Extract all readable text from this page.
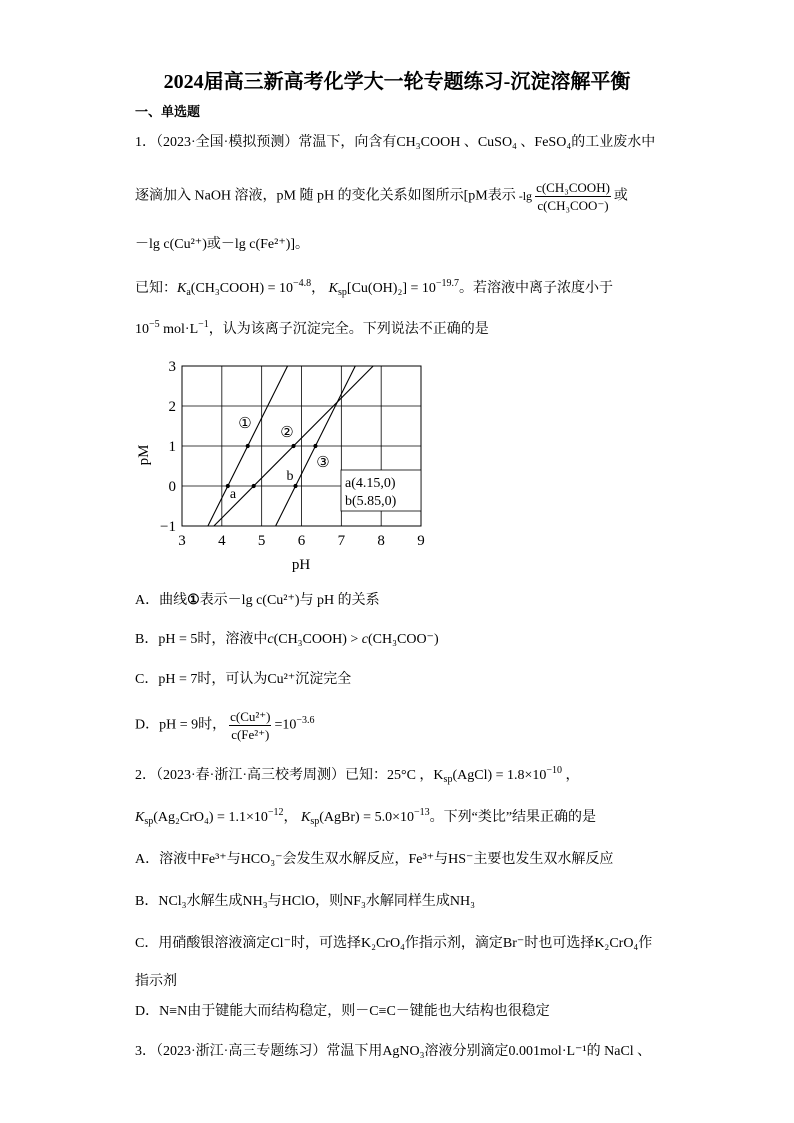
2024届高三新高考化学大一轮专题练习-沉淀溶解平衡
一、单选题
1．（2023·全国·模拟预测）常温下，向含有CH₃COOH 、CuSO₄ 、FeSO₄的工业废水中
逐滴加入 NaOH 溶液，pM 随 pH 的变化关系如图所示[pM表示 $-\lg \frac{\text{c(CH₃COOH)}}{\text{c(CH₃COO⁻)}}$ 或
－lg c(Cu²⁺)或－lg c(Fe²⁺)]。
已知：$K_a(CH_3COOH) = 10^{-4.8}$， $K_{sp}[Cu(OH)_2] = 10^{-19.7}$。若溶液中离子浓度小于
$10^{-5}$ $mol\cdot L^{-1}$，认为该离子沉淀完全。下列说法不正确的是
a(4.15,0)
b(5.85,0)
①
②
③
a
b
3 4 5 6 7 8 9
3
2
1
0
−1
pH
pM
A．曲线①表示－lg c(Cu²⁺)与 pH 的关系
B．pH = 5时，溶液中c(CH₃COOH) > c(CH₃COO⁻)
C．pH = 7时，可认为Cu²⁺沉淀完全
D．pH = 9时， $\frac{\text{c(Cu²⁺)}}{\text{c(Fe²⁺)}} =10^{-3.6}$
2．（2023·春·浙江·高三校考周测）已知：25°C ，$K_{sp}(AgCl) = 1.8\times 10^{-10}$ ，
$K_{sp}(Ag_2CrO_4) = 1.1\times 10^{-12}$， $K_{sp}(AgBr) = 5.0\times 10^{-13}$。下列“类比”结果正确的是
A．溶液中Fe³⁺与HCO₃⁻会发生双水解反应，Fe³⁺与HS⁻主要也发生双水解反应
B．NCl₃水解生成NH₃与HClO，则NF₃水解同样生成NH₃
C．用硝酸银溶液滴定Cl⁻时，可选择K₂CrO₄作指示剂，滴定Br⁻时也可选择K₂CrO₄作
指示剂
D．N≡N由于键能大而结构稳定，则－C≡C－键能也大结构也很稳定
3．（2023·浙江·高三专题练习）常温下用AgNO₃溶液分别滴定0.001mol·L⁻¹的 NaCl 、
